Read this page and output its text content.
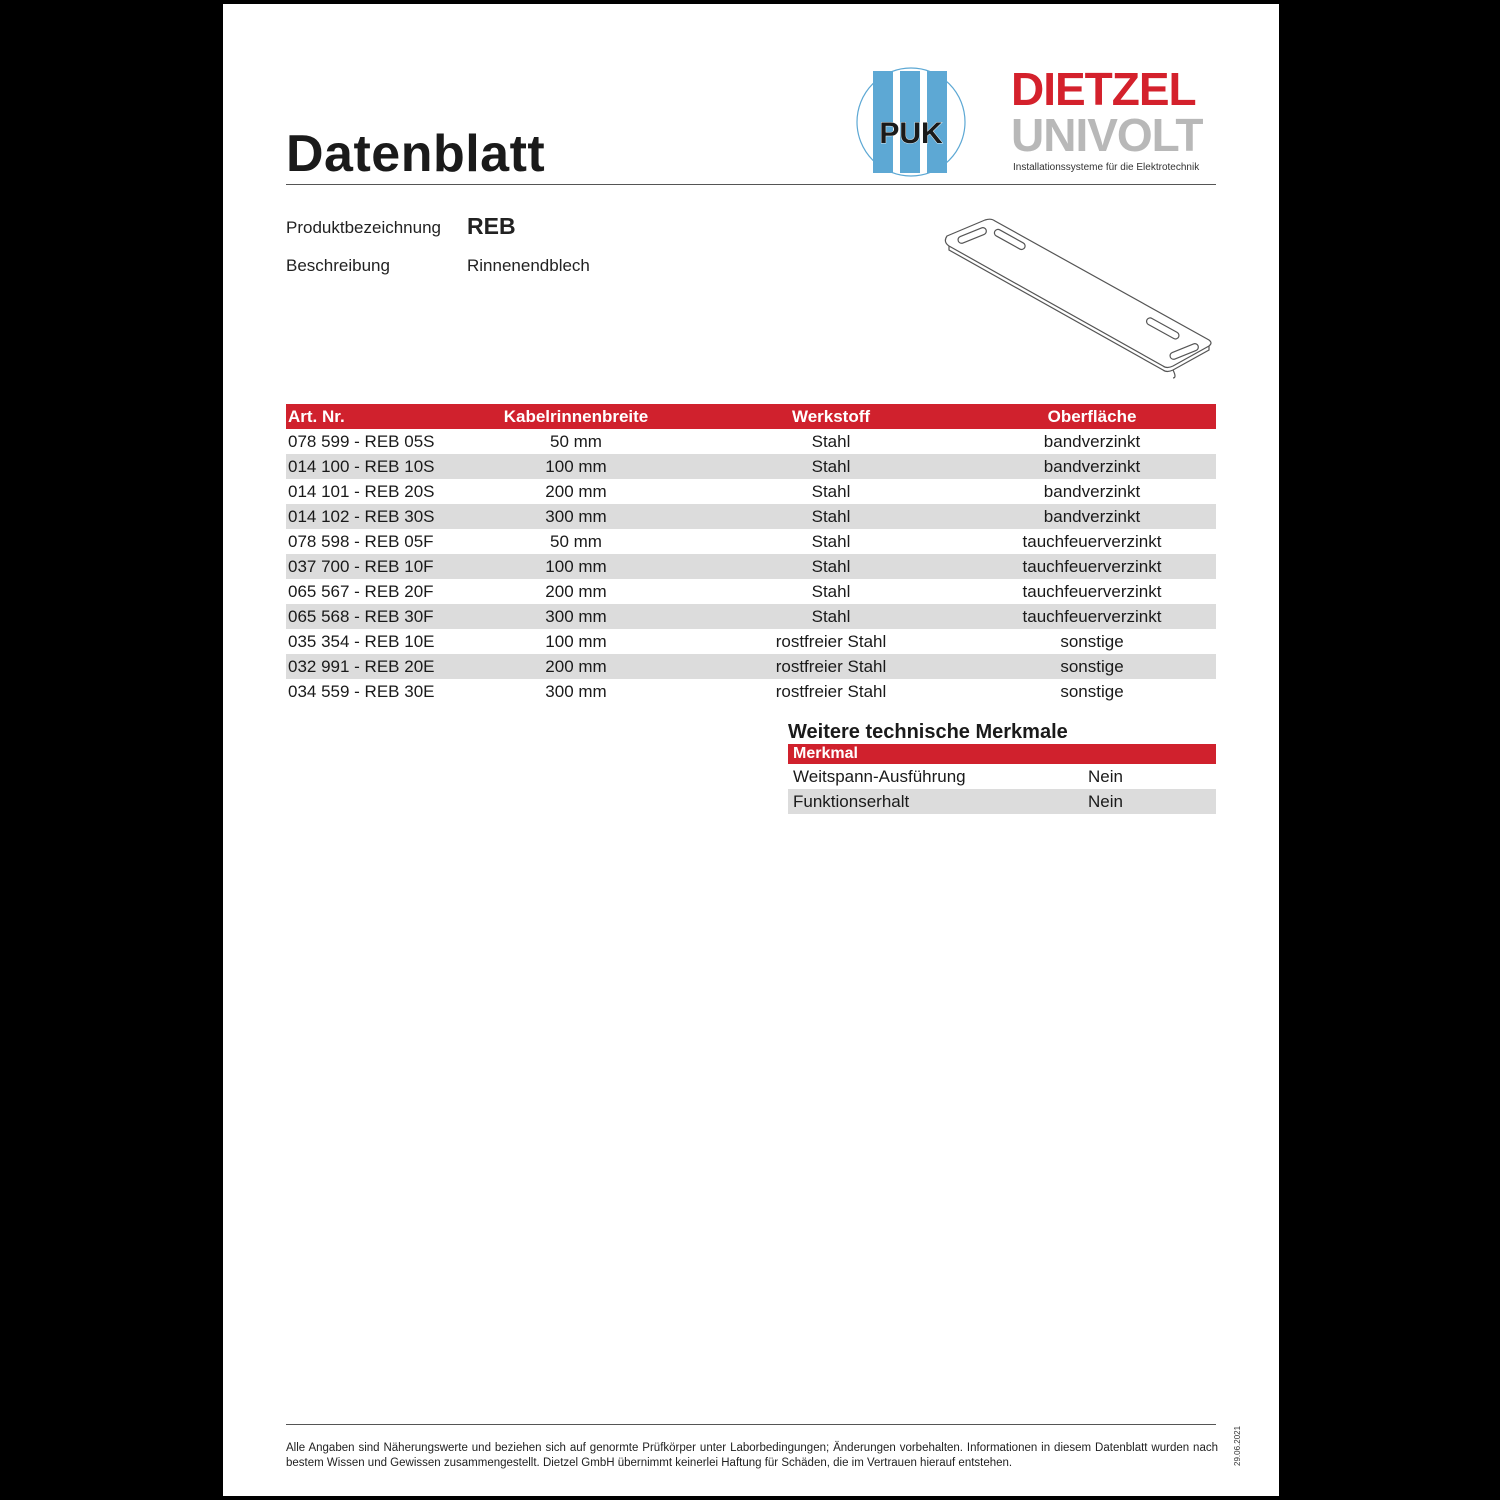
Datenblatt	PUK
DIETZEL
UNIVOLT
Installationssysteme für die Elektrotechnik
Produktbezeichnung REB
Beschreibung	Rinnenendblech
Art. Nr.	Kabelrinnenbreite	Werkstoff	Oberfläche
078 599 - REB 05S	50 mm	Stahl	bandverzinkt
014 100 - REB 10S	100 mm	Stahl	bandverzinkt
014 101 - REB 20S	200 mm	Stahl	bandverzinkt
014 102 - REB 30S	300 mm	Stahl	bandverzinkt
078 598 - REB 05F	50 mm	Stahl	tauchfeuerverzinkt
037 700 - REB 10F	100 mm	Stahl	tauchfeuerverzinkt
065 567 - REB 20F	200 mm	Stahl	tauchfeuerverzinkt
065 568 - REB 30F	300 mm	Stahl	tauchfeuerverzinkt
035 354 - REB 10E	100 mm	rostfreier Stahl	sonstige
032 991 - REB 20E	200 mm	rostfreier Stahl	sonstige
034 559 - REB 30E	300 mm	rostfreier Stahl	sonstige
Weitere technische Merkmale
Merkmal	
Weitspann-Ausführung	Nein
Funktionserhalt	Nein
Alle Angaben sind Näherungswerte und beziehen sich auf genormte Prüfkörper unter Laborbedingungen; Änderungen vorbehalten. Informationen in diesem Datenblatt wurden nach bestem Wissen und Gewissen zusammengestellt. Dietzel GmbH übernimmt keinerlei Haftung für Schäden, die im Vertrauen hierauf entstehen.	29.06.2021
